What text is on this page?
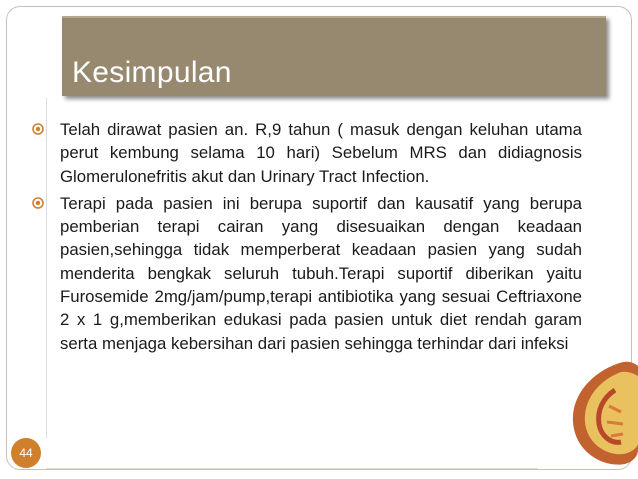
Kesimpulan
Telah dirawat pasien an. R,9 tahun ( masuk dengan keluhan utama perut kembung selama 10 hari) Sebelum MRS dan didiagnosis Glomerulonefritis akut dan Urinary Tract Infection.
Terapi pada pasien ini berupa suportif dan kausatif yang berupa pemberian terapi cairan yang disesuaikan dengan keadaan pasien,sehingga tidak memperberat keadaan pasien yang sudah menderita bengkak seluruh tubuh.Terapi suportif diberikan yaitu Furosemide 2mg/jam/pump,terapi antibiotika yang sesuai Ceftriaxone 2 x 1 g,memberikan edukasi pada pasien untuk diet rendah garam serta menjaga kebersihan dari pasien sehingga terhindar dari infeksi
44
